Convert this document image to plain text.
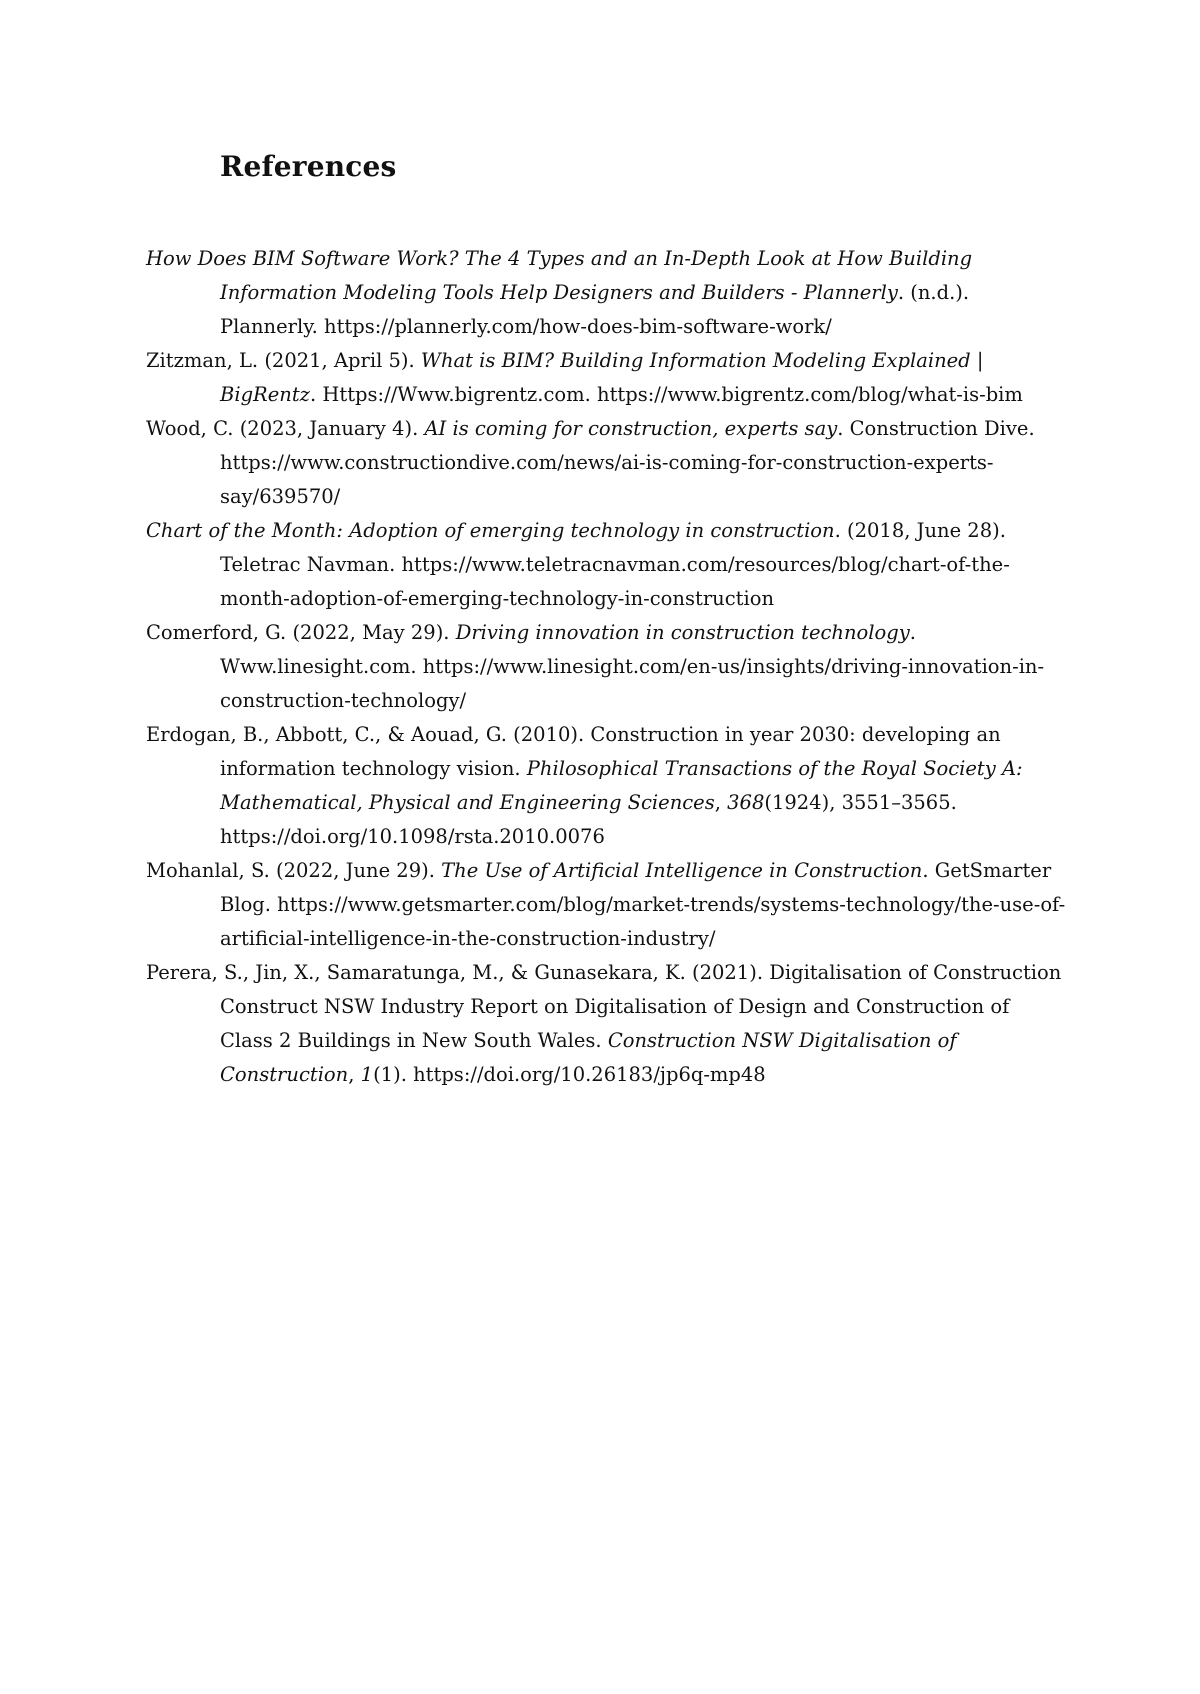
References
How Does BIM Software Work? The 4 Types and an In-Depth Look at How Building Information Modeling Tools Help Designers and Builders - Plannerly. (n.d.). Plannerly. https://plannerly.com/how-does-bim-software-work/
Zitzman, L. (2021, April 5). What is BIM? Building Information Modeling Explained | BigRentz. Https://Www.bigrentz.com. https://www.bigrentz.com/blog/what-is-bim
Wood, C. (2023, January 4). AI is coming for construction, experts say. Construction Dive. https://www.constructiondive.com/news/ai-is-coming-for-construction-experts-say/639570/
Chart of the Month: Adoption of emerging technology in construction. (2018, June 28). Teletrac Navman. https://www.teletracnavman.com/resources/blog/chart-of-the-month-adoption-of-emerging-technology-in-construction
Comerford, G. (2022, May 29). Driving innovation in construction technology. Www.linesight.com. https://www.linesight.com/en-us/insights/driving-innovation-in-construction-technology/
Erdogan, B., Abbott, C., & Aouad, G. (2010). Construction in year 2030: developing an information technology vision. Philosophical Transactions of the Royal Society A: Mathematical, Physical and Engineering Sciences, 368(1924), 3551–3565. https://doi.org/10.1098/rsta.2010.0076
Mohanlal, S. (2022, June 29). The Use of Artificial Intelligence in Construction. GetSmarter Blog. https://www.getsmarter.com/blog/market-trends/systems-technology/the-use-of-artificial-intelligence-in-the-construction-industry/
Perera, S., Jin, X., Samaratunga, M., & Gunasekara, K. (2021). Digitalisation of Construction Construct NSW Industry Report on Digitalisation of Design and Construction of Class 2 Buildings in New South Wales. Construction NSW Digitalisation of Construction, 1(1). https://doi.org/10.26183/jp6q-mp48
